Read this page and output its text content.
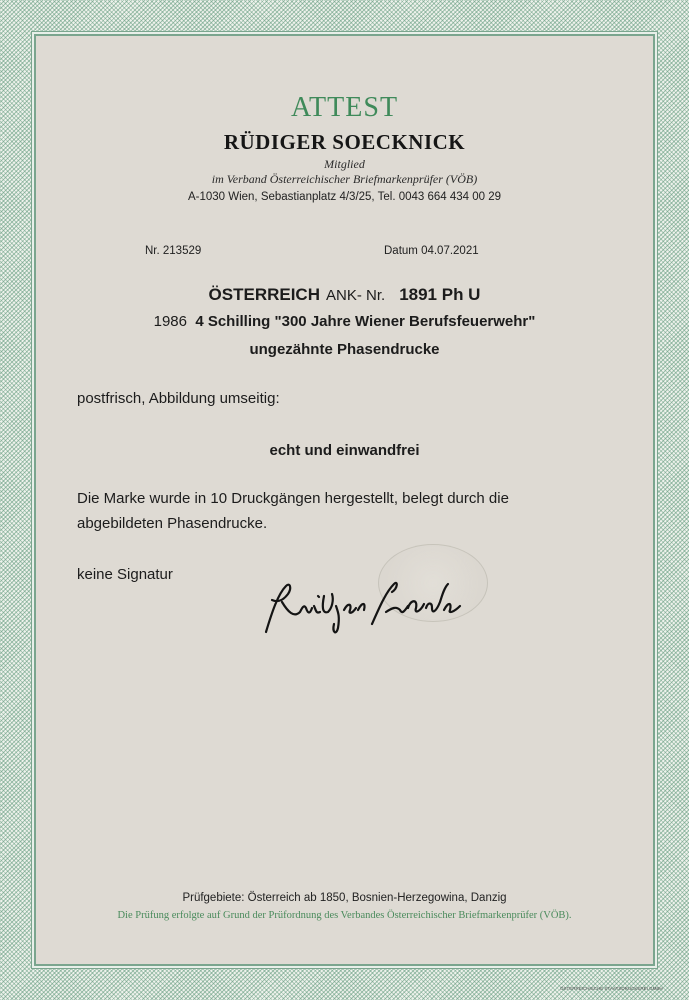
ATTEST
RÜDIGER SOECKNICK
Mitglied
im Verband Österreichischer Briefmarkenprüfer (VÖB)
A-1030 Wien, Sebastianplatz 4/3/25, Tel. 0043 664 434 00 29
Nr. 213529	Datum 04.07.2021
ÖSTERREICH ANK- Nr. 1891 Ph U
1986 4 Schilling "300 Jahre Wiener Berufsfeuerwehr"
ungezähnte Phasendrucke
postfrisch, Abbildung umseitig:
echt und einwandfrei
Die Marke wurde in 10 Druckgängen hergestellt, belegt durch die
abgebildeten Phasendrucke.
keine Signatur
Prüfgebiete: Österreich ab 1850, Bosnien-Herzegowina, Danzig
Die Prüfung erfolgte auf Grund der Prüfordnung des Verbandes Österreichischer Briefmarkenprüfer (VÖB).
ÖSTERREICHISCHE STAATSDRUCKEREI GMBH
